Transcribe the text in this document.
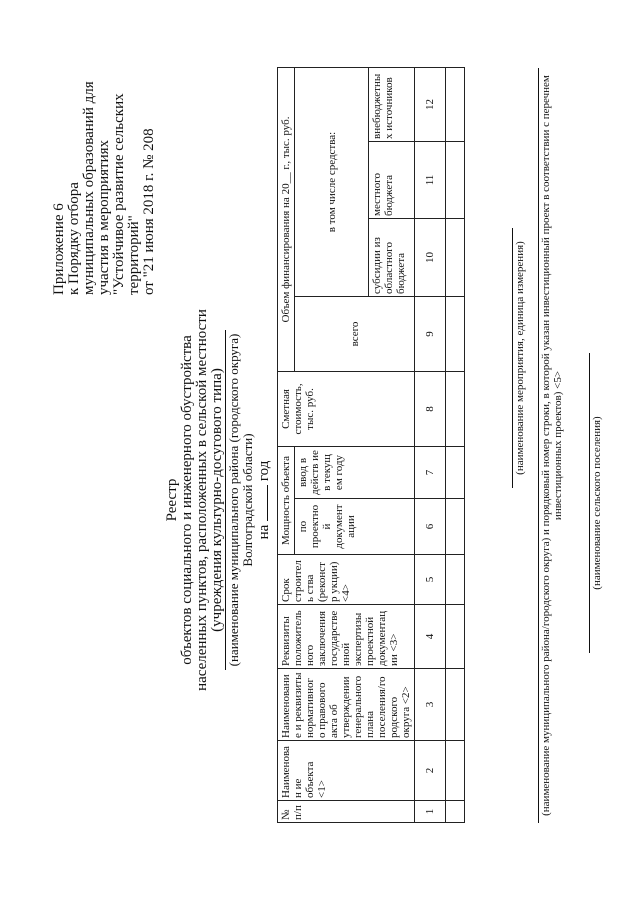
Приложение 6 к Порядку отбора муниципальных образований для участия в мероприятиях "Устойчивое развитие сельских территорий" от "21 июня 2018 г. № 208
Реестр объектов социального и инженерного обустройства населенных пунктов, расположенных в сельской местности (учреждения культурно-досугового типа) (наименование муниципального района (городского округа) Волгоградской области) на  год
№ п/п	Наименован ие объекта <1>	Наименовани е и реквизиты нормативног о правового акта об утверждении генерального плана поселения/го родского округа <2>	Реквизиты положитель ного заключения государстве нной экспертизы проектной документац ии <3>	Срок строитель ства (реконстр укции) <4>	Мощность объекта		Сметная стоимость, тыс. руб.	Объем финансирования на 20__ г., тыс. руб.			
					по проектно й документ ации	ввод в действ ие в текущ ем году		всего	в том числе средства:		
									субсидии из областного бюджета	местного бюджета	внебюджетных источников
1	2	3	4	5	6	7	8	9	10	11	12

(наименование мероприятия, единица измерения) (наименование муниципального района/городского округа) и порядковый номер строки, в которой указан инвестиционный проект в соответствии с перечнем инвестиционных проектов) <5> (наименование сельского поселения)
